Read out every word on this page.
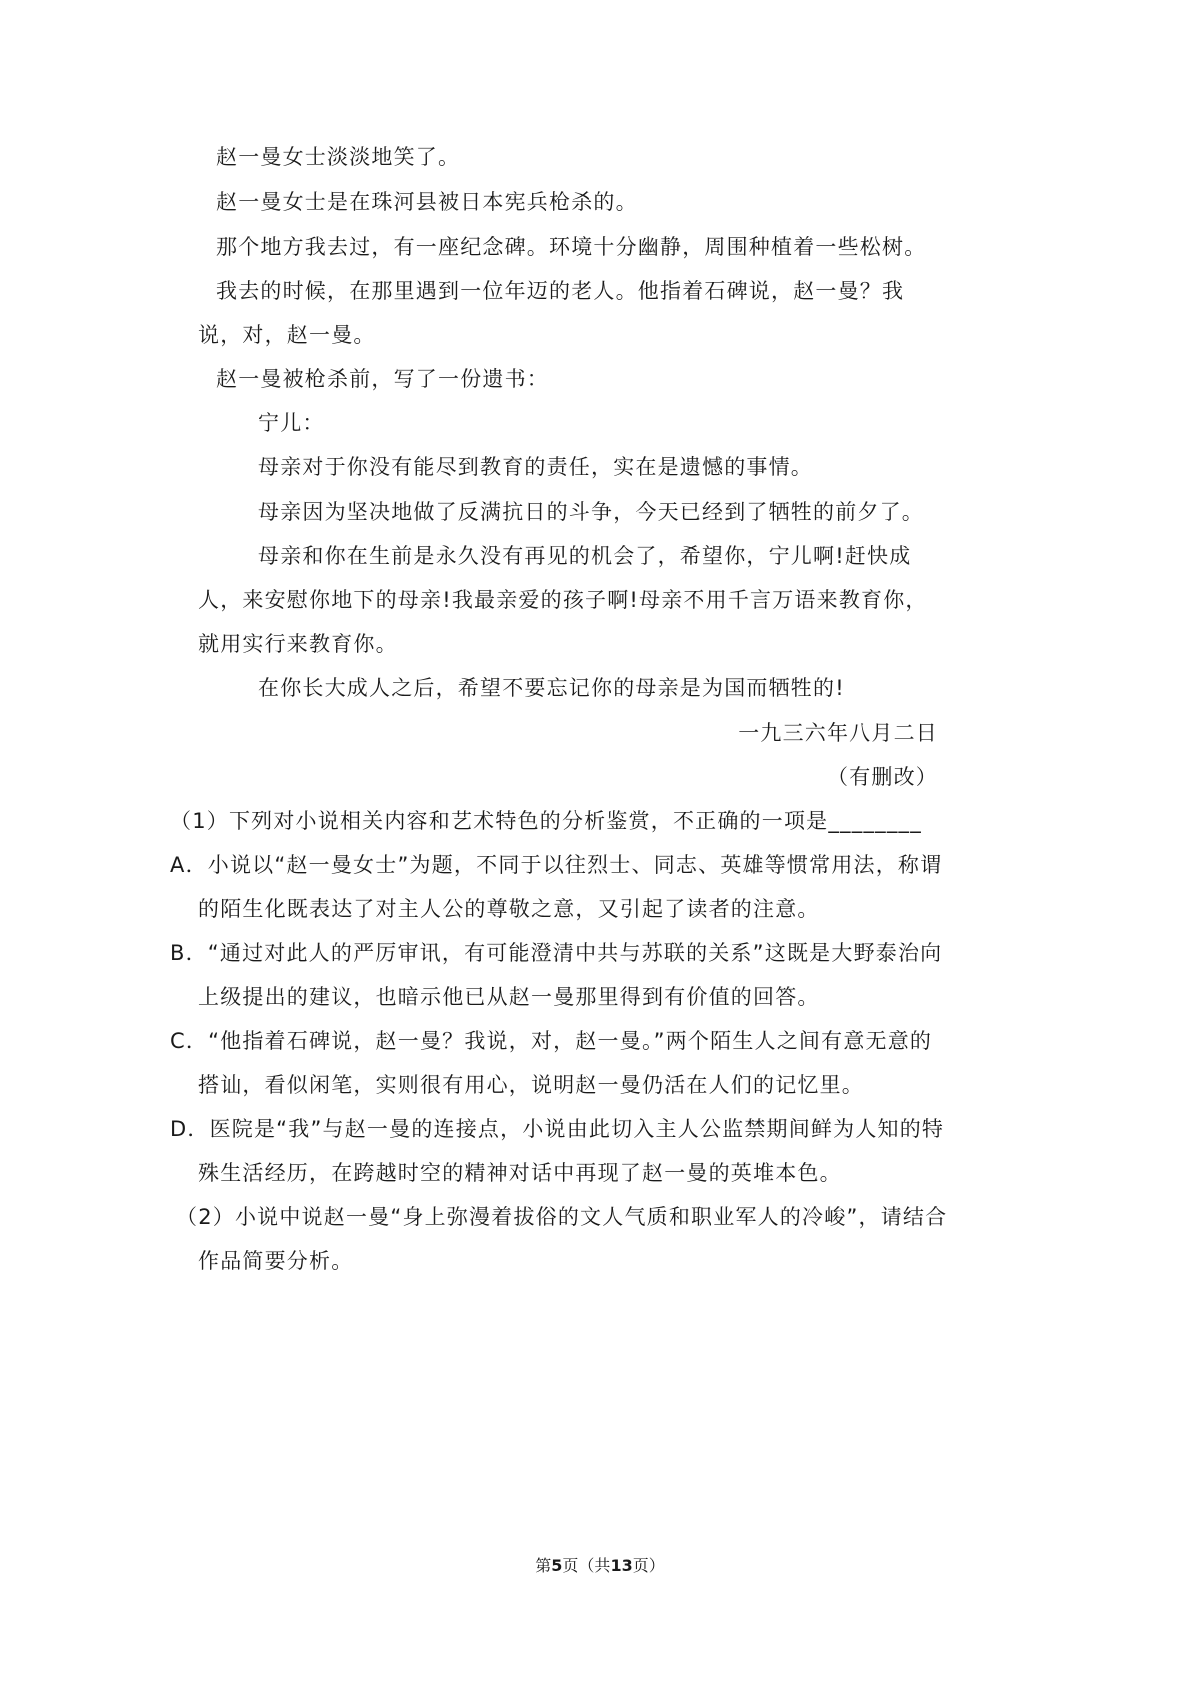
赵一曼女士淡淡地笑了。
赵一曼女士是在珠河县被日本宪兵枪杀的。
那个地方我去过，有一座纪念碑。环境十分幽静，周围种植着一些松树。
我去的时候，在那里遇到一位年迈的老人。他指着石碑说，赵一曼？我
说，对，赵一曼。
赵一曼被枪杀前，写了一份遗书：
宁儿：
母亲对于你没有能尽到教育的责任，实在是遗憾的事情。
母亲因为坚决地做了反满抗日的斗争，今天已经到了牺牲的前夕了。
母亲和你在生前是永久没有再见的机会了，希望你，宁儿啊!赶快成
人，来安慰你地下的母亲!我最亲爱的孩子啊!母亲不用千言万语来教育你，
就用实行来教育你。
在你长大成人之后，希望不要忘记你的母亲是为国而牺牲的!
一九三六年八月二日
（有删改）
（1）下列对小说相关内容和艺术特色的分析鉴赏，不正确的一项是________
A．小说以“赵一曼女士”为题，不同于以往烈士、同志、英雄等惯常用法，称谓
的陌生化既表达了对主人公的尊敬之意，又引起了读者的注意。
B．“通过对此人的严厉审讯，有可能澄清中共与苏联的关系”这既是大野泰治向
上级提出的建议，也暗示他已从赵一曼那里得到有价值的回答。
C．“他指着石碑说，赵一曼？我说，对，赵一曼。”两个陌生人之间有意无意的
搭讪，看似闲笔，实则很有用心，说明赵一曼仍活在人们的记忆里。
D．医院是“我”与赵一曼的连接点，小说由此切入主人公监禁期间鲜为人知的特
殊生活经历，在跨越时空的精神对话中再现了赵一曼的英堆本色。
（2）小说中说赵一曼“身上弥漫着拔俗的文人气质和职业军人的冷峻”，请结合
作品简要分析。
第5页（共13页）
